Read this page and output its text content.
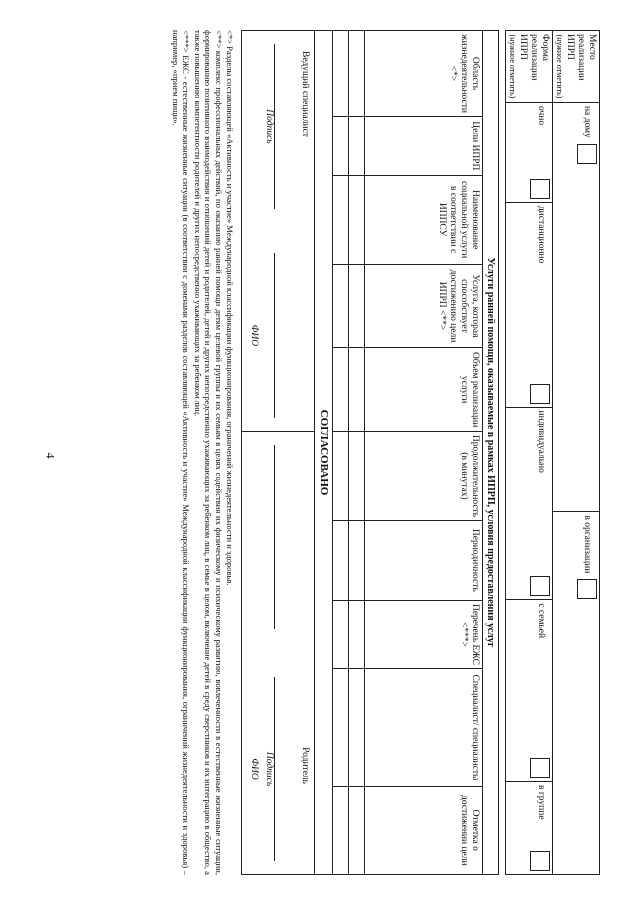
4
Место реализации ИПРП
(нужное отметить)	на дому			в организации		

Форма реализации ИПРП
(нужное отметить)	очно	дистанционно	индивидуально		с семьей	в группе
Услуги ранней помощи, оказываемые в рамках ИПРП, условия предоставления услуг
Область жизнедеятельности <*>	Цели ИПРП	Наименование социальной услуги в соответствии с ИППСУ	Услуга, которая способствует достижению цели ИПРП <**>	Объем реализации услуги	Продолжительность (в минутах)	Периодичность	Перечень ЕЖС <***>	Специалист/ специалисты	Отметка о достижении цели

СОГЛАСОВАНО

Ведущий специалист
Подпись

		ФИО

Родитель

Подпись

		ФИО

<*> Разделы составляющей «Активность и участие» Международной классификации функционирования, ограничений жизнедеятельности и здоровья.

<**> комплекс профессиональных действий, по оказанию ранней помощи детям целевой группы и их семьям в целях содействия их физическому и психическому развитию, вовлеченности в естественные жизненные ситуации, формированию позитивного взаимодействия и отношений детей и родителей, детей и других непосредственно ухаживающих за ребенком лиц, в семье в целом, включение детей в среду сверстников и их интеграцию в общество, а также повышению компетентности родителей и других непосредственно ухаживающих за ребенком лиц.

<***> ЕЖС - естественные жизненные ситуации (в соответствии с доменами разделов составляющей «Активность и участие» Международной классификации функционирования, ограничений жизнедеятельности и здоровья) – например, «прием пищи».
